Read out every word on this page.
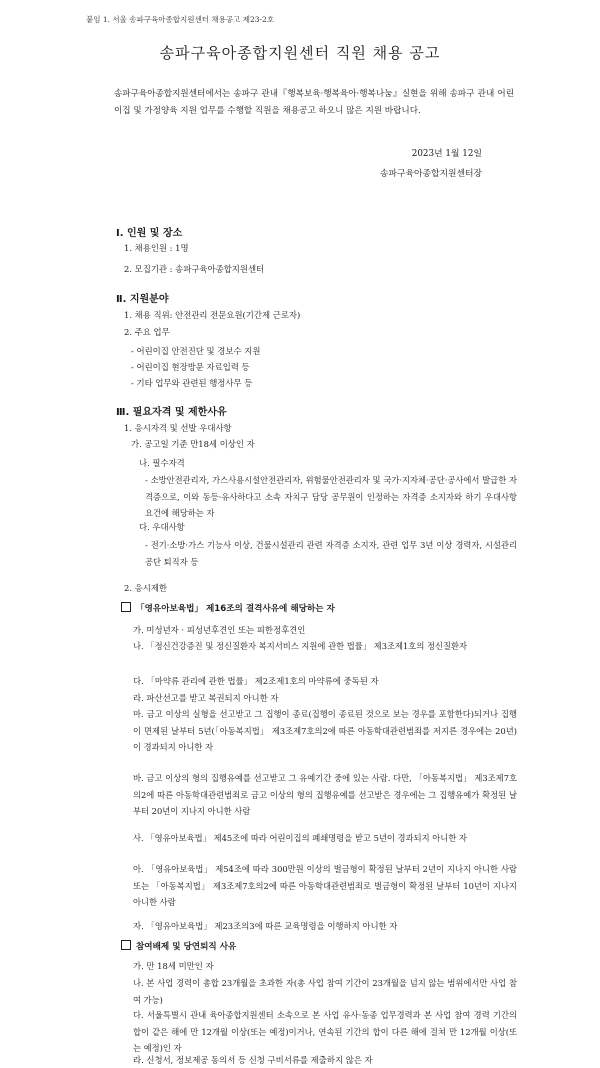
붙임 1. 서울 송파구육아종합지원센터 채용공고 제23-2호
송파구육아종합지원센터 직원 채용 공고
송파구육아종합지원센터에서는 송파구 관내『행복보육·행복육아·행복나눔』실현을 위해 송파구 관내 어린이집 및 가정양육 지원 업무를 수행할 직원을 채용공고 하오니 많은 지원 바랍니다.
2023년 1월 12일
송파구육아종합지원센터장
Ⅰ. 인원 및 장소
1. 채용인원 : 1명
2. 모집기관 : 송파구육아종합지원센터
Ⅱ. 지원분야
1. 채용 직위: 안전관리 전문요원(기간제 근로자)
2. 주요 업무
- 어린이집 안전진단 및 경보수 지원
- 어린이집 현장방문 자료입력 등
- 기타 업무와 관련된 행정사무 등
Ⅲ. 필요자격 및 제한사유
1. 응시자격 및 선발 우대사항
가. 공고일 기준 만18세 이상인 자
나. 필수자격
- 소방안전관리자, 가스사용시설안전관리자, 위험물안전관리자 및 국가·지자체·공단·공사에서 발급한 자격증으로, 이와 동등·유사하다고 소속 자치구 담당 공무원이 인정하는 자격증 소지자와 하기 우대사항 요건에 해당하는 자
다. 우대사항
- 전기·소방·가스 기능사 이상, 건물시설관리 관련 자격증 소지자, 관련 업무 3년 이상 경력자, 시설관리공단 퇴직자 등
2. 응시제한
「영유아보육법」 제16조의 결격사유에 해당하는 자
가. 미성년자 · 피성년후견인 또는 피한정후견인
나. 「정신건강증진 및 정신질환자 복지서비스 지원에 관한 법률」 제3조제1호의 정신질환자
다. 「마약류 관리에 관한 법률」 제2조제1호의 마약류에 중독된 자
라. 파산선고를 받고 복권되지 아니한 자
마. 금고 이상의 실형을 선고받고 그 집행이 종료(집행이 종료된 것으로 보는 경우를 포함한다)되거나 집행이 면제된 날부터 5년(「아동복지법」 제3조제7호의2에 따른 아동학대관련범죄를 저지른 경우에는 20년)이 경과되지 아니한 자
바. 금고 이상의 형의 집행유예를 선고받고 그 유예기간 중에 있는 사람. 다만, 「아동복지법」 제3조제7호의2에 따른 아동학대관련범죄로 금고 이상의 형의 집행유예를 선고받은 경우에는 그 집행유예가 확정된 날부터 20년이 지나지 아니한 사람
사. 「영유아보육법」 제45조에 따라 어린이집의 폐쇄명령을 받고 5년이 경과되지 아니한 자
아. 「영유아보육법」 제54조에 따라 300만원 이상의 벌금형이 확정된 날부터 2년이 지나지 아니한 사람 또는 「아동복지법」 제3조제7호의2에 따른 아동학대관련범죄로 벌금형이 확정된 날부터 10년이 지나지 아니한 사람
자. 「영유아보육법」 제23조의3에 따른 교육명령을 이행하지 아니한 자
참여배제 및 당연퇴직 사유
가. 만 18세 미만인 자
나. 본 사업 경력이 총합 23개월을 초과한 자(총 사업 참여 기간이 23개월을 넘지 않는 범위에서만 사업 참여 가능)
다. 서울특별시 관내 육아종합지원센터 소속으로 본 사업 유사·동종 업무경력과 본 사업 참여 경력 기간의 합이 같은 해에 만 12개월 이상(또는 예정)이거나, 연속된 기간의 합이 다른 해에 걸쳐 만 12개월 이상(또는 예정)인 자
라. 신청서, 정보제공 동의서 등 신청 구비서류를 제출하지 않은 자
